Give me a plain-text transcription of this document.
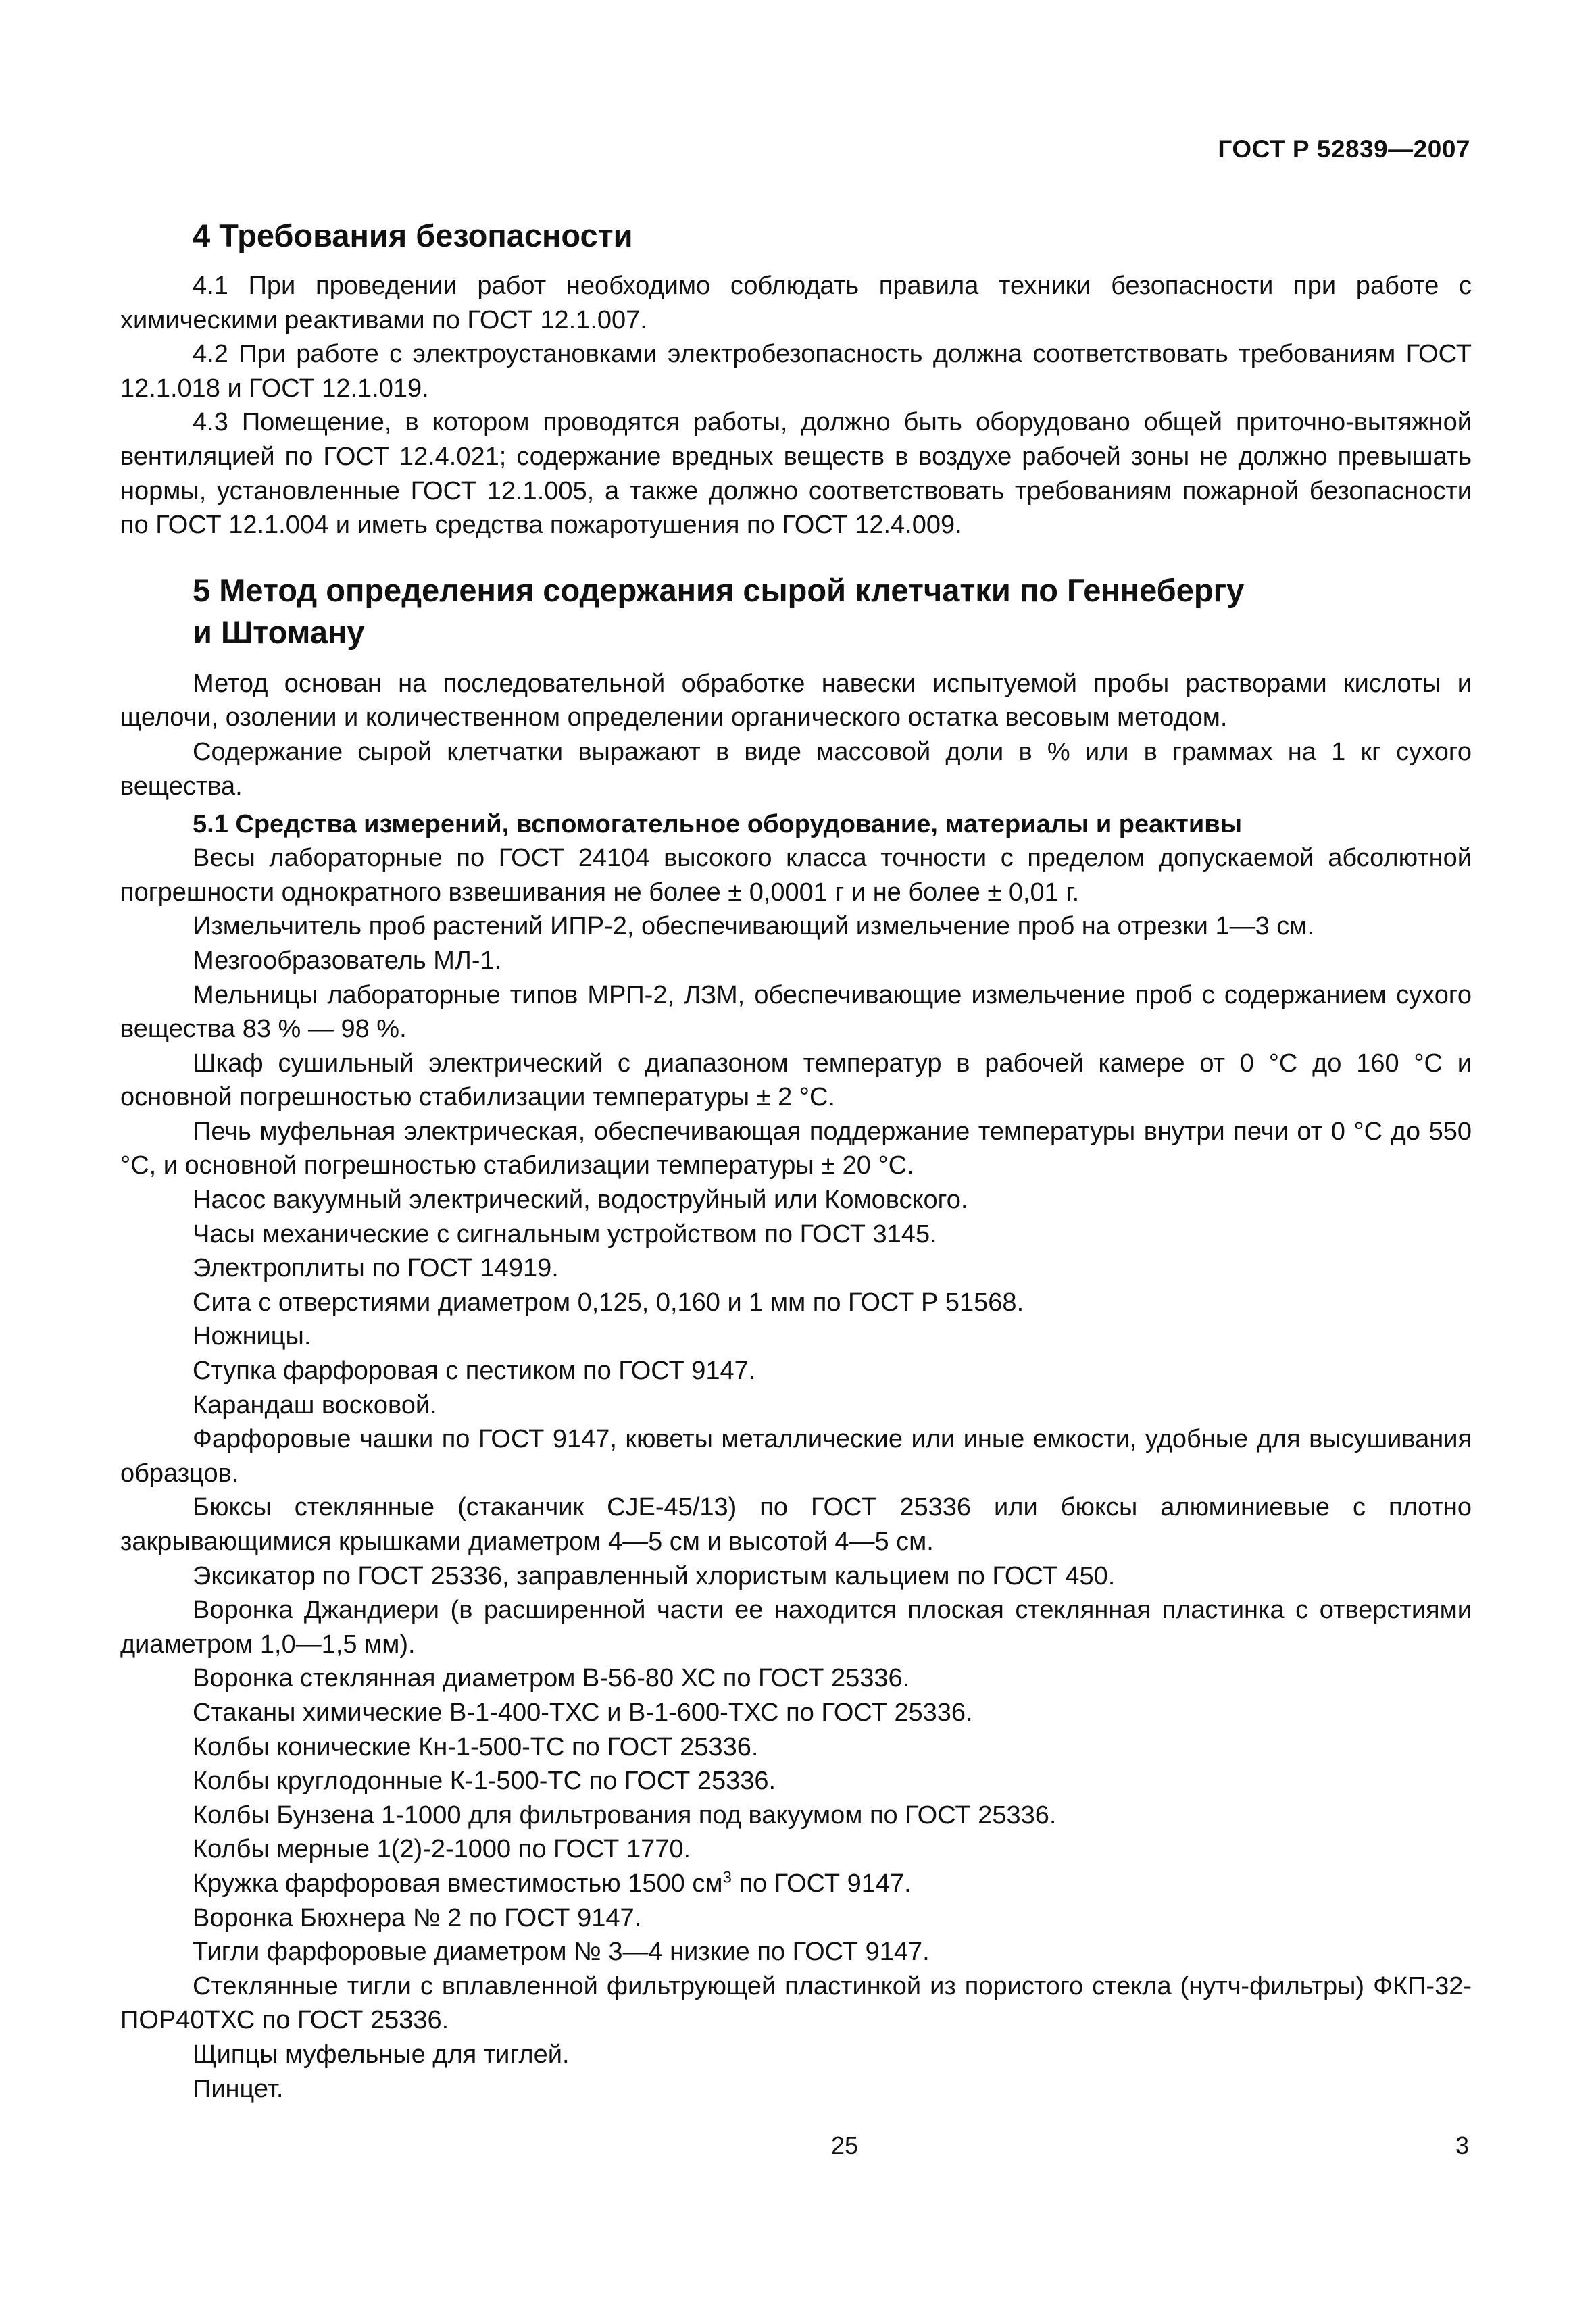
ГОСТ Р 52839—2007
4 Требования безопасности

4.1 При проведении работ необходимо соблюдать правила техники безопасности при работе с химическими реактивами по ГОСТ 12.1.007.

4.2 При работе с электроустановками электробезопасность должна соответствовать требованиям ГОСТ 12.1.018 и ГОСТ 12.1.019.

4.3 Помещение, в котором проводятся работы, должно быть оборудовано общей приточно-вытяжной вентиляцией по ГОСТ 12.4.021; содержание вредных веществ в воздухе рабочей зоны не должно превышать нормы, установленные ГОСТ 12.1.005, а также должно соответствовать требованиям пожарной безопасности по ГОСТ 12.1.004 и иметь средства пожаротушения по ГОСТ 12.4.009.

5 Метод определения содержания сырой клетчатки по Геннебергу
и Штоману

Метод основан на последовательной обработке навески испытуемой пробы растворами кислоты и щелочи, озолении и количественном определении органического остатка весовым методом.

Содержание сырой клетчатки выражают в виде массовой доли в % или в граммах на 1 кг сухого вещества.

5.1 Средства измерений, вспомогательное оборудование, материалы и реактивы

Весы лабораторные по ГОСТ 24104 высокого класса точности с пределом допускаемой абсолютной погрешности однократного взвешивания не более ± 0,0001 г и не более ± 0,01 г.

Измельчитель проб растений ИПР-2, обеспечивающий измельчение проб на отрезки 1—3 см.

Мезгообразователь МЛ-1.

Мельницы лабораторные типов МРП-2, ЛЗМ, обеспечивающие измельчение проб с содержанием сухого вещества 83 % — 98 %.

Шкаф сушильный электрический с диапазоном температур в рабочей камере от 0 °С до 160 °С и основной погрешностью стабилизации температуры ± 2 °С.

Печь муфельная электрическая, обеспечивающая поддержание температуры внутри печи от 0 °С до 550 °С, и основной погрешностью стабилизации температуры ± 20 °С.

Насос вакуумный электрический, водоструйный или Комовского.

Часы механические с сигнальным устройством по ГОСТ 3145.

Электроплиты по ГОСТ 14919.

Сита с отверстиями диаметром 0,125, 0,160 и 1 мм по ГОСТ Р 51568.

Ножницы.

Ступка фарфоровая с пестиком по ГОСТ 9147.

Карандаш восковой.

Фарфоровые чашки по ГОСТ 9147, кюветы металлические или иные емкости, удобные для высушивания образцов.

Бюксы стеклянные (стаканчик CJE-45/13) по ГОСТ 25336 или бюксы алюминиевые с плотно закрывающимися крышками диаметром 4—5 см и высотой 4—5 см.

Эксикатор по ГОСТ 25336, заправленный хлористым кальцием по ГОСТ 450.

Воронка Джандиери (в расширенной части ее находится плоская стеклянная пластинка с отверстиями диаметром 1,0—1,5 мм).

Воронка стеклянная диаметром В-56-80 ХС по ГОСТ 25336.

Стаканы химические В-1-400-ТХС и В-1-600-ТХС по ГОСТ 25336.

Колбы конические Кн-1-500-ТС по ГОСТ 25336.

Колбы круглодонные К-1-500-ТС по ГОСТ 25336.

Колбы Бунзена 1-1000 для фильтрования под вакуумом по ГОСТ 25336.

Колбы мерные 1(2)-2-1000 по ГОСТ 1770.

Кружка фарфоровая вместимостью 1500 $см^3$ по ГОСТ 9147.

Воронка Бюхнера № 2 по ГОСТ 9147.

Тигли фарфоровые диаметром № 3—4 низкие по ГОСТ 9147.

Стеклянные тигли с вплавленной фильтрующей пластинкой из пористого стекла (нутч-фильтры) ФКП-32-ПОР40ТХС по ГОСТ 25336.

Щипцы муфельные для тиглей.

Пинцет.

25	3
